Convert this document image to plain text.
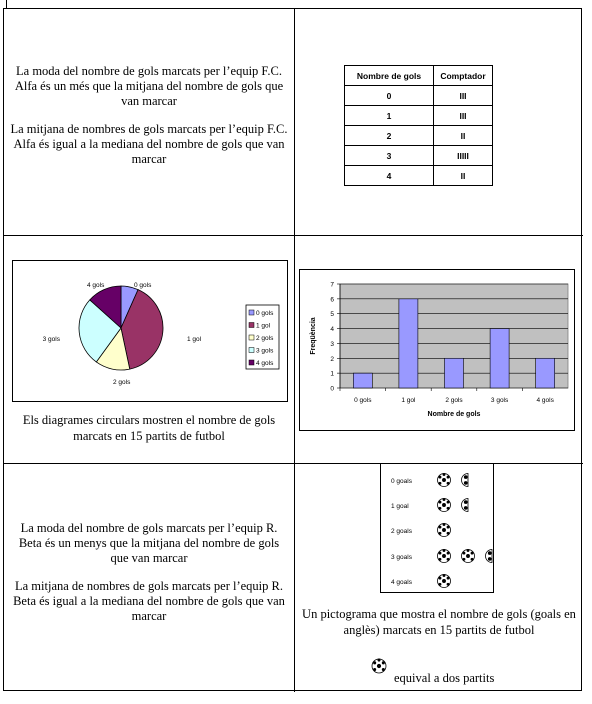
La moda del nombre de gols marcats per l’equip F.C. Alfa és un més que la mitjana del nombre de gols que van marcar

La mitjana de nombres de gols marcats per l’equip F.C. Alfa és igual a la mediana del nombre de gols que van marcar

Nombre de gols	Comptador
0	III
1	III
2	II
3	IIIII
4	II
0 gols
1 gol
2 gols
3 gols
4 gols
0 gols
1 gol
2 gols
3 gols
4 gols
Els diagrames circulars mostren el nombre de gols marcats en 15 partits de futbol
0
1
2
3
4
5
6
7
0 gols	1 gol	2 gols	3 gols	4 gols
Nombre de gols
Freqüència

La moda del nombre de gols marcats per l’equip R. Beta és un menys que la mitjana del nombre de gols que van marcar

La mitjana de nombres de gols marcats per l’equip R. Beta és igual a la mediana del nombre de gols que van marcar

0 goals
1 goal
2 goals
3 goals
4 goals
Un pictograma que mostra el nombre de gols (goals en anglès) marcats en 15 partits de futbol
equival a dos partits
